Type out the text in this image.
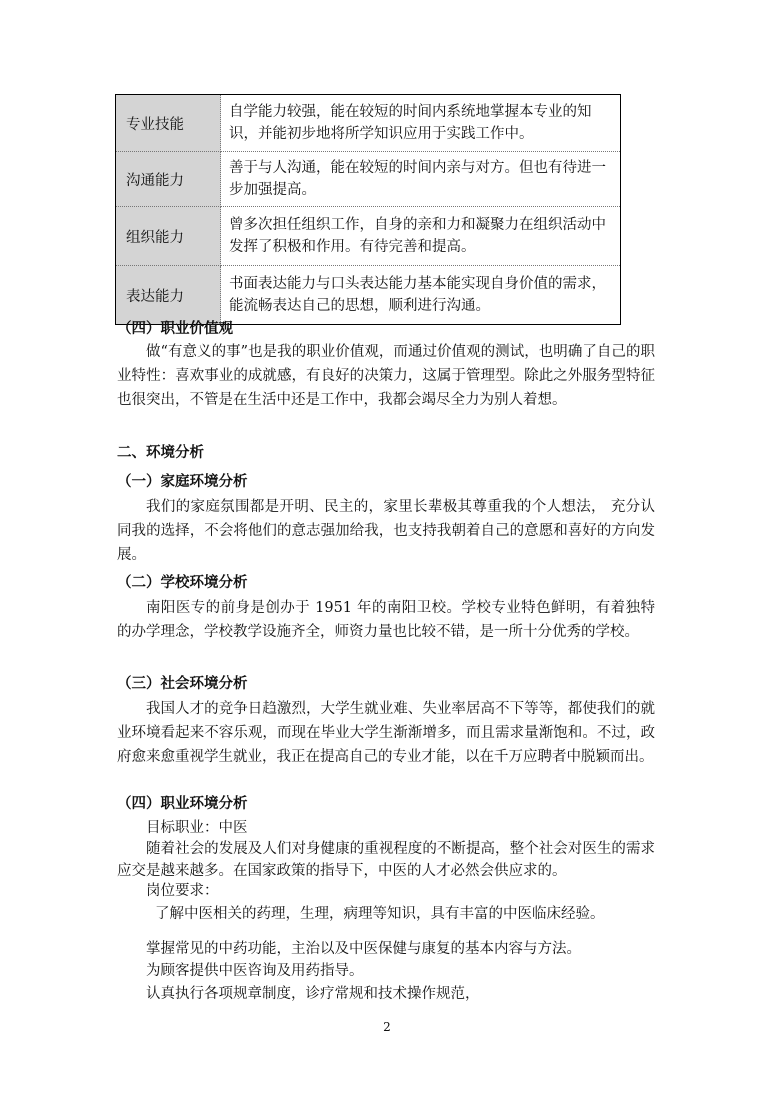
专业技能	自学能力较强，能在较短的时间内系统地掌握本专业的知识，并能初步地将所学知识应用于实践工作中。
沟通能力	善于与人沟通，能在较短的时间内亲与对方。但也有待进一步加强提高。
组织能力	曾多次担任组织工作，自身的亲和力和凝聚力在组织活动中发挥了积极和作用。有待完善和提高。
表达能力	书面表达能力与口头表达能力基本能实现自身价值的需求，能流畅表达自己的思想，顺利进行沟通。

（四）职业价值观

做“有意义的事”也是我的职业价值观，而通过价值观的测试，也明确了自己的职业特性：喜欢事业的成就感，有良好的决策力，这属于管理型。除此之外服务型特征也很突出，不管是在生活中还是工作中，我都会竭尽全力为别人着想。

二、环境分析

（一）家庭环境分析

我们的家庭氛围都是开明、民主的，家里长辈极其尊重我的个人想法， 充分认同我的选择，不会将他们的意志强加给我，也支持我朝着自己的意愿和喜好的方向发展。

（二）学校环境分析

南阳医专的前身是创办于 1951 年的南阳卫校。学校专业特色鲜明，有着独特的办学理念，学校教学设施齐全，师资力量也比较不错，是一所十分优秀的学校。

（三）社会环境分析

我国人才的竞争日趋激烈，大学生就业难、失业率居高不下等等，都使我们的就业环境看起来不容乐观，而现在毕业大学生渐渐增多，而且需求量渐饱和。不过，政府愈来愈重视学生就业，我正在提高自己的专业才能，以在千万应聘者中脱颖而出。

（四）职业环境分析

目标职业：中医

随着社会的发展及人们对身健康的重视程度的不断提高，整个社会对医生的需求应交是越来越多。在国家政策的指导下，中医的人才必然会供应求的。

岗位要求：

了解中医相关的药理，生理，病理等知识，具有丰富的中医临床经验。

掌握常见的中药功能，主治以及中医保健与康复的基本内容与方法。

为顾客提供中医咨询及用药指导。

认真执行各项规章制度，诊疗常规和技术操作规范，

2
